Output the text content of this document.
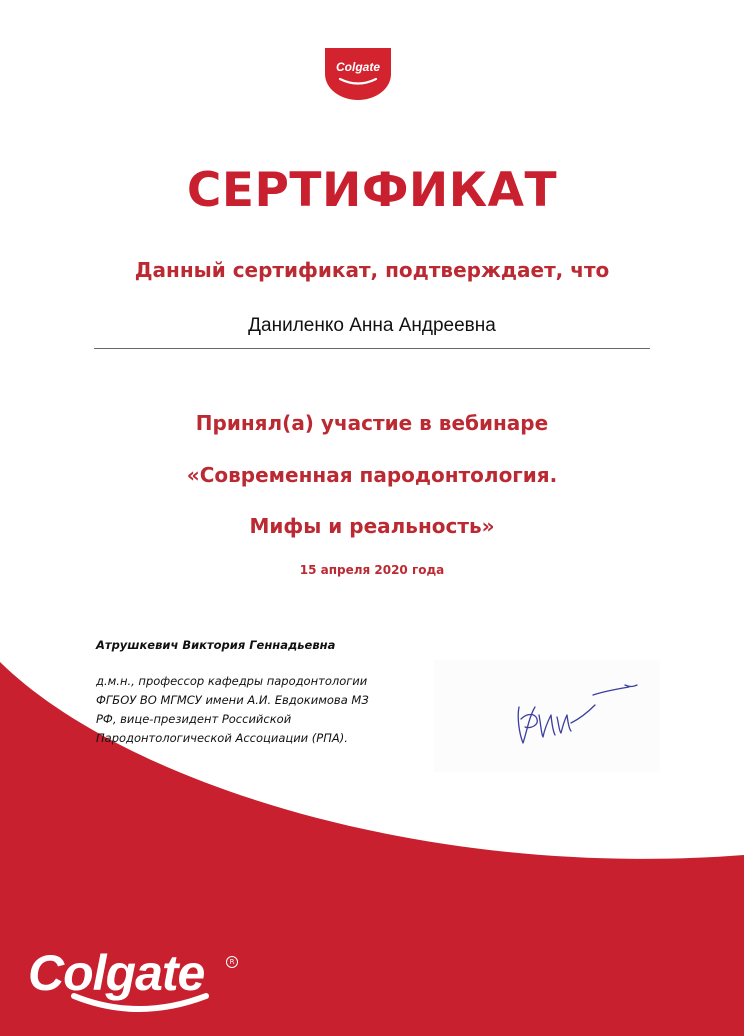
Colgate
СЕРТИФИКАТ
Данный сертификат, подтверждает, что
Даниленко Анна Андреевна
Принял(а) участие в вебинаре
«Современная пародонтология.
Мифы и реальность»
15 апреля 2020 года
Атрушкевич Виктория Геннадьевна
д.м.н., профессор кафедры пародонтологии
ФГБОУ ВО МГМСУ имени А.И. Евдокимова МЗ
РФ, вице-президент Российской
Пародонтологической Ассоциации (РПА).
Colgate	R
